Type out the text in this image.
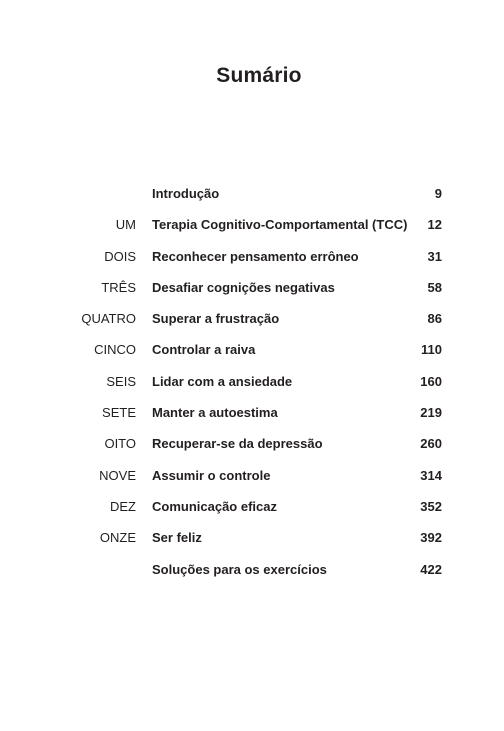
Sumário
Introdução	9
UM Terapia Cognitivo-Comportamental (TCC) 12
DOIS Reconhecer pensamento errôneo	31
TRÊS Desafiar cognições negativas	58
QUATRO Superar a frustração	86
CINCO Controlar a raiva	110
SEIS Lidar com a ansiedade	160
SETE Manter a autoestima	219
OITO Recuperar-se da depressão	260
NOVE Assumir o controle	314
DEZ Comunicação eficaz	352
ONZE Ser feliz	392
Soluções para os exercícios	422
